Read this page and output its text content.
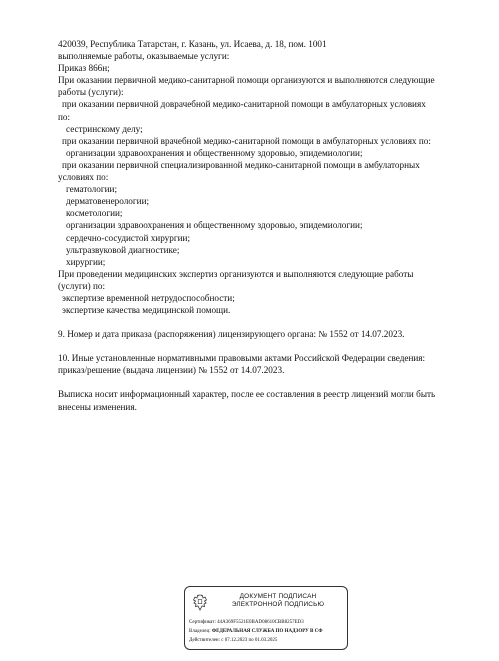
420039, Республика Татарстан, г. Казань, ул. Исаева, д. 18, пом. 1001
выполняемые работы, оказываемые услуги:
Приказ 866н;
При оказании первичной медико-санитарной помощи организуются и выполняются следующие
работы (услуги):
при оказании первичной доврачебной медико-санитарной помощи в амбулаторных условиях
по:
сестринскому делу;
при оказании первичной врачебной медико-санитарной помощи в амбулаторных условиях по:
организации здравоохранения и общественному здоровью, эпидемиологии;
при оказании первичной специализированной медико-санитарной помощи в амбулаторных
условиях по:
гематологии;
дерматовенерологии;
косметологии;
организации здравоохранения и общественному здоровью, эпидемиологии;
сердечно-сосудистой хирургии;
ультразвуковой диагностике;
хирургии;
При проведении медицинских экспертиз организуются и выполняются следующие работы
(услуги) по:
экспертизе временной нетрудоспособности;
экспертизе качества медицинской помощи.
9. Номер и дата приказа (распоряжения) лицензирующего органа: № 1552 от 14.07.2023.
10. Иные установленные нормативными правовыми актами Российской Федерации сведения:
приказ/решение (выдача лицензии) № 1552 от 14.07.2023.
Выписка носит информационный характер, после ее составления в реестр лицензий могли быть
внесены изменения.
ДОКУМЕНТ ПОДПИСАН
ЭЛЕКТРОННОЙ ПОДПИСЬЮ
Сертификат: 44A369F5521E0BAD08610CBB8257ED3
Владелец: ФЕДЕРАЛЬНАЯ СЛУЖБА ПО НАДЗОРУ В СФ
Действителен: с 07.12.2023 по 01.03.2025
